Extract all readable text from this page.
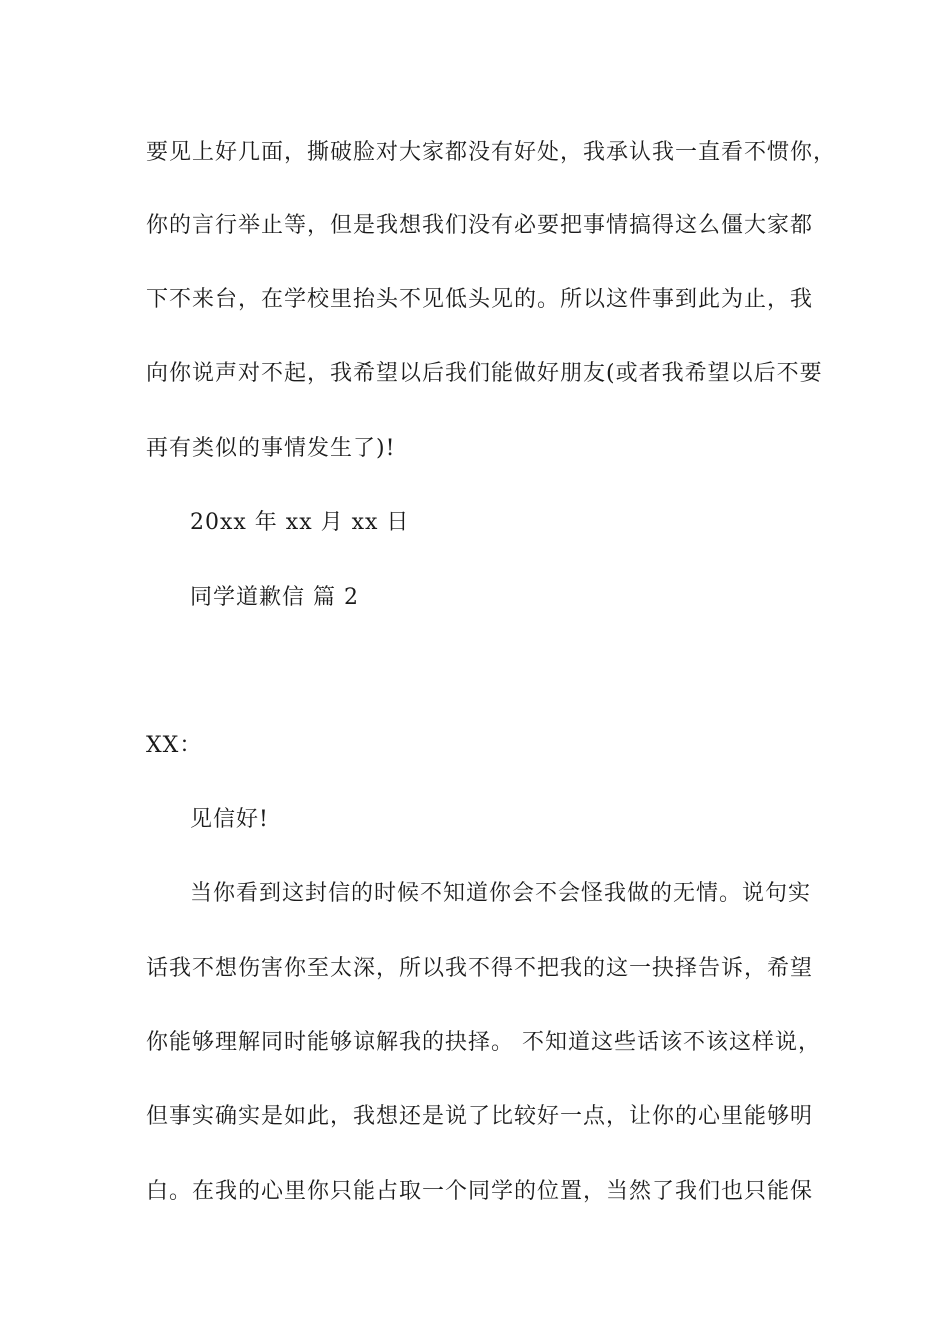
要见上好几面，撕破脸对大家都没有好处，我承认我一直看不惯你，
你的言行举止等，但是我想我们没有必要把事情搞得这么僵大家都
下不来台，在学校里抬头不见低头见的。所以这件事到此为止，我
向你说声对不起，我希望以后我们能做好朋友(或者我希望以后不要
再有类似的事情发生了)!
20xx 年 xx 月 xx 日
同学道歉信 篇 2
XX：
见信好!
当你看到这封信的时候不知道你会不会怪我做的无情。说句实
话我不想伤害你至太深，所以我不得不把我的这一抉择告诉，希望
你能够理解同时能够谅解我的抉择。 不知道这些话该不该这样说，
但事实确实是如此，我想还是说了比较好一点，让你的心里能够明
白。在我的心里你只能占取一个同学的位置，当然了我们也只能保
